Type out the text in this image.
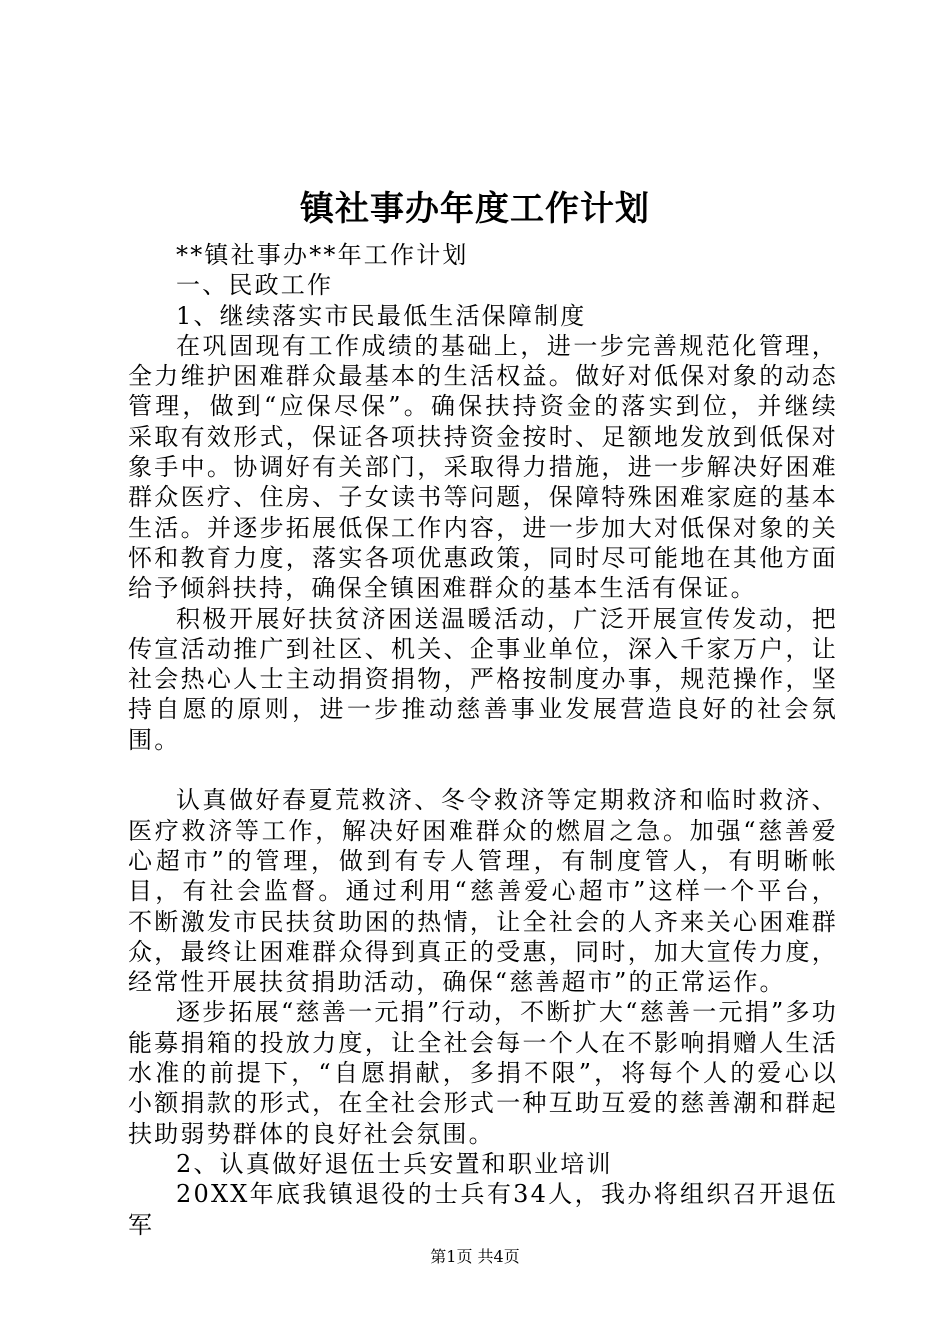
镇社事办年度工作计划

**镇社事办**年工作计划

一、民政工作

1、继续落实市民最低生活保障制度

在巩固现有工作成绩的基础上，进一步完善规范化管理，全力维护困难群众最基本的生活权益。做好对低保对象的动态管理，做到“应保尽保”。确保扶持资金的落实到位，并继续采取有效形式，保证各项扶持资金按时、足额地发放到低保对象手中。协调好有关部门，采取得力措施，进一步解决好困难群众医疗、住房、子女读书等问题，保障特殊困难家庭的基本生活。并逐步拓展低保工作内容，进一步加大对低保对象的关怀和教育力度，落实各项优惠政策，同时尽可能地在其他方面给予倾斜扶持，确保全镇困难群众的基本生活有保证。

积极开展好扶贫济困送温暖活动，广泛开展宣传发动，把传宣活动推广到社区、机关、企事业单位，深入千家万户，让社会热心人士主动捐资捐物，严格按制度办事，规范操作，坚持自愿的原则，进一步推动慈善事业发展营造良好的社会氛围。

认真做好春夏荒救济、冬令救济等定期救济和临时救济、医疗救济等工作，解决好困难群众的燃眉之急。加强“慈善爱心超市”的管理，做到有专人管理，有制度管人，有明晰帐目，有社会监督。通过利用“慈善爱心超市”这样一个平台，不断激发市民扶贫助困的热情，让全社会的人齐来关心困难群众，最终让困难群众得到真正的受惠，同时，加大宣传力度，经常性开展扶贫捐助活动，确保“慈善超市”的正常运作。

逐步拓展“慈善一元捐”行动，不断扩大“慈善一元捐”多功能募捐箱的投放力度，让全社会每一个人在不影响捐赠人生活水准的前提下，“自愿捐献，多捐不限”，将每个人的爱心以小额捐款的形式，在全社会形式一种互助互爱的慈善潮和群起扶助弱势群体的良好社会氛围。

2、认真做好退伍士兵安置和职业培训

20XX年底我镇退役的士兵有34人，我办将组织召开退伍军

第1页 共4页
